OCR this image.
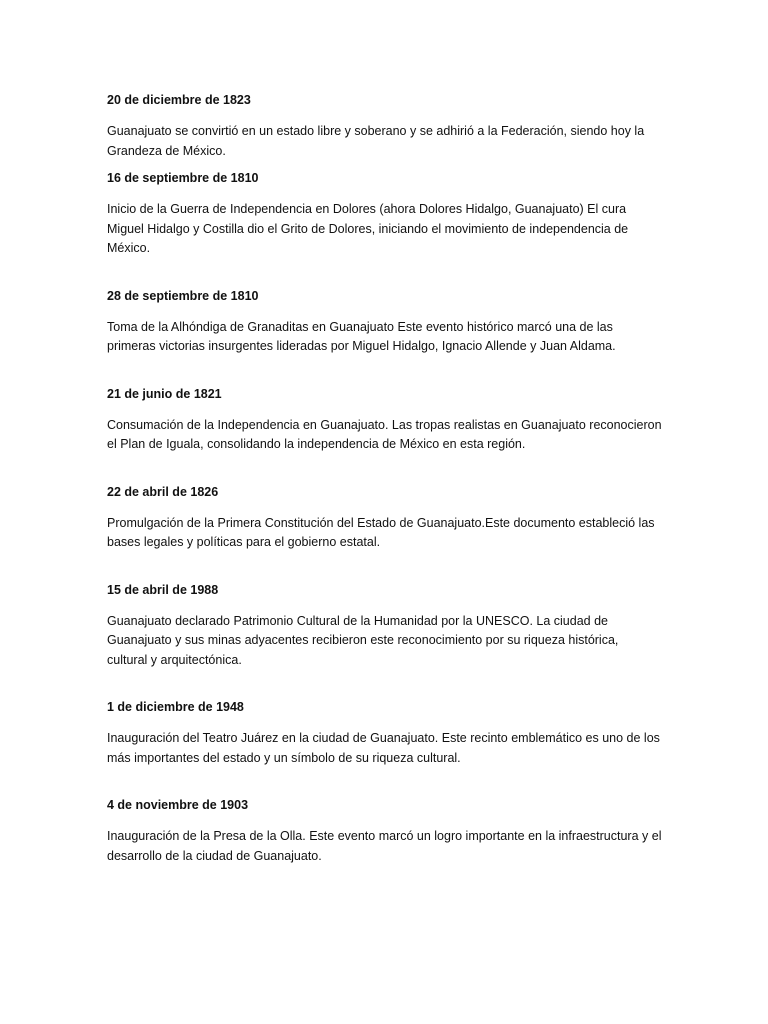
20 de diciembre de 1823

Guanajuato se convirtió en un estado libre y soberano y se adhirió a la Federación, siendo hoy la Grandeza de México.

16 de septiembre de 1810

Inicio de la Guerra de Independencia en Dolores (ahora Dolores Hidalgo, Guanajuato) El cura Miguel Hidalgo y Costilla dio el Grito de Dolores, iniciando el movimiento de independencia de México.

28 de septiembre de 1810

Toma de la Alhóndiga de Granaditas en Guanajuato Este evento histórico marcó una de las primeras victorias insurgentes lideradas por Miguel Hidalgo, Ignacio Allende y Juan Aldama.

21 de junio de 1821

Consumación de la Independencia en Guanajuato. Las tropas realistas en Guanajuato reconocieron el Plan de Iguala, consolidando la independencia de México en esta región.

22 de abril de 1826

Promulgación de la Primera Constitución del Estado de Guanajuato.Este documento estableció las bases legales y políticas para el gobierno estatal.

15 de abril de 1988

Guanajuato declarado Patrimonio Cultural de la Humanidad por la UNESCO. La ciudad de Guanajuato y sus minas adyacentes recibieron este reconocimiento por su riqueza histórica, cultural y arquitectónica.

1 de diciembre de 1948

Inauguración del Teatro Juárez en la ciudad de Guanajuato. Este recinto emblemático es uno de los más importantes del estado y un símbolo de su riqueza cultural.

4 de noviembre de 1903

Inauguración de la Presa de la Olla. Este evento marcó un logro importante en la infraestructura y el desarrollo de la ciudad de Guanajuato.
